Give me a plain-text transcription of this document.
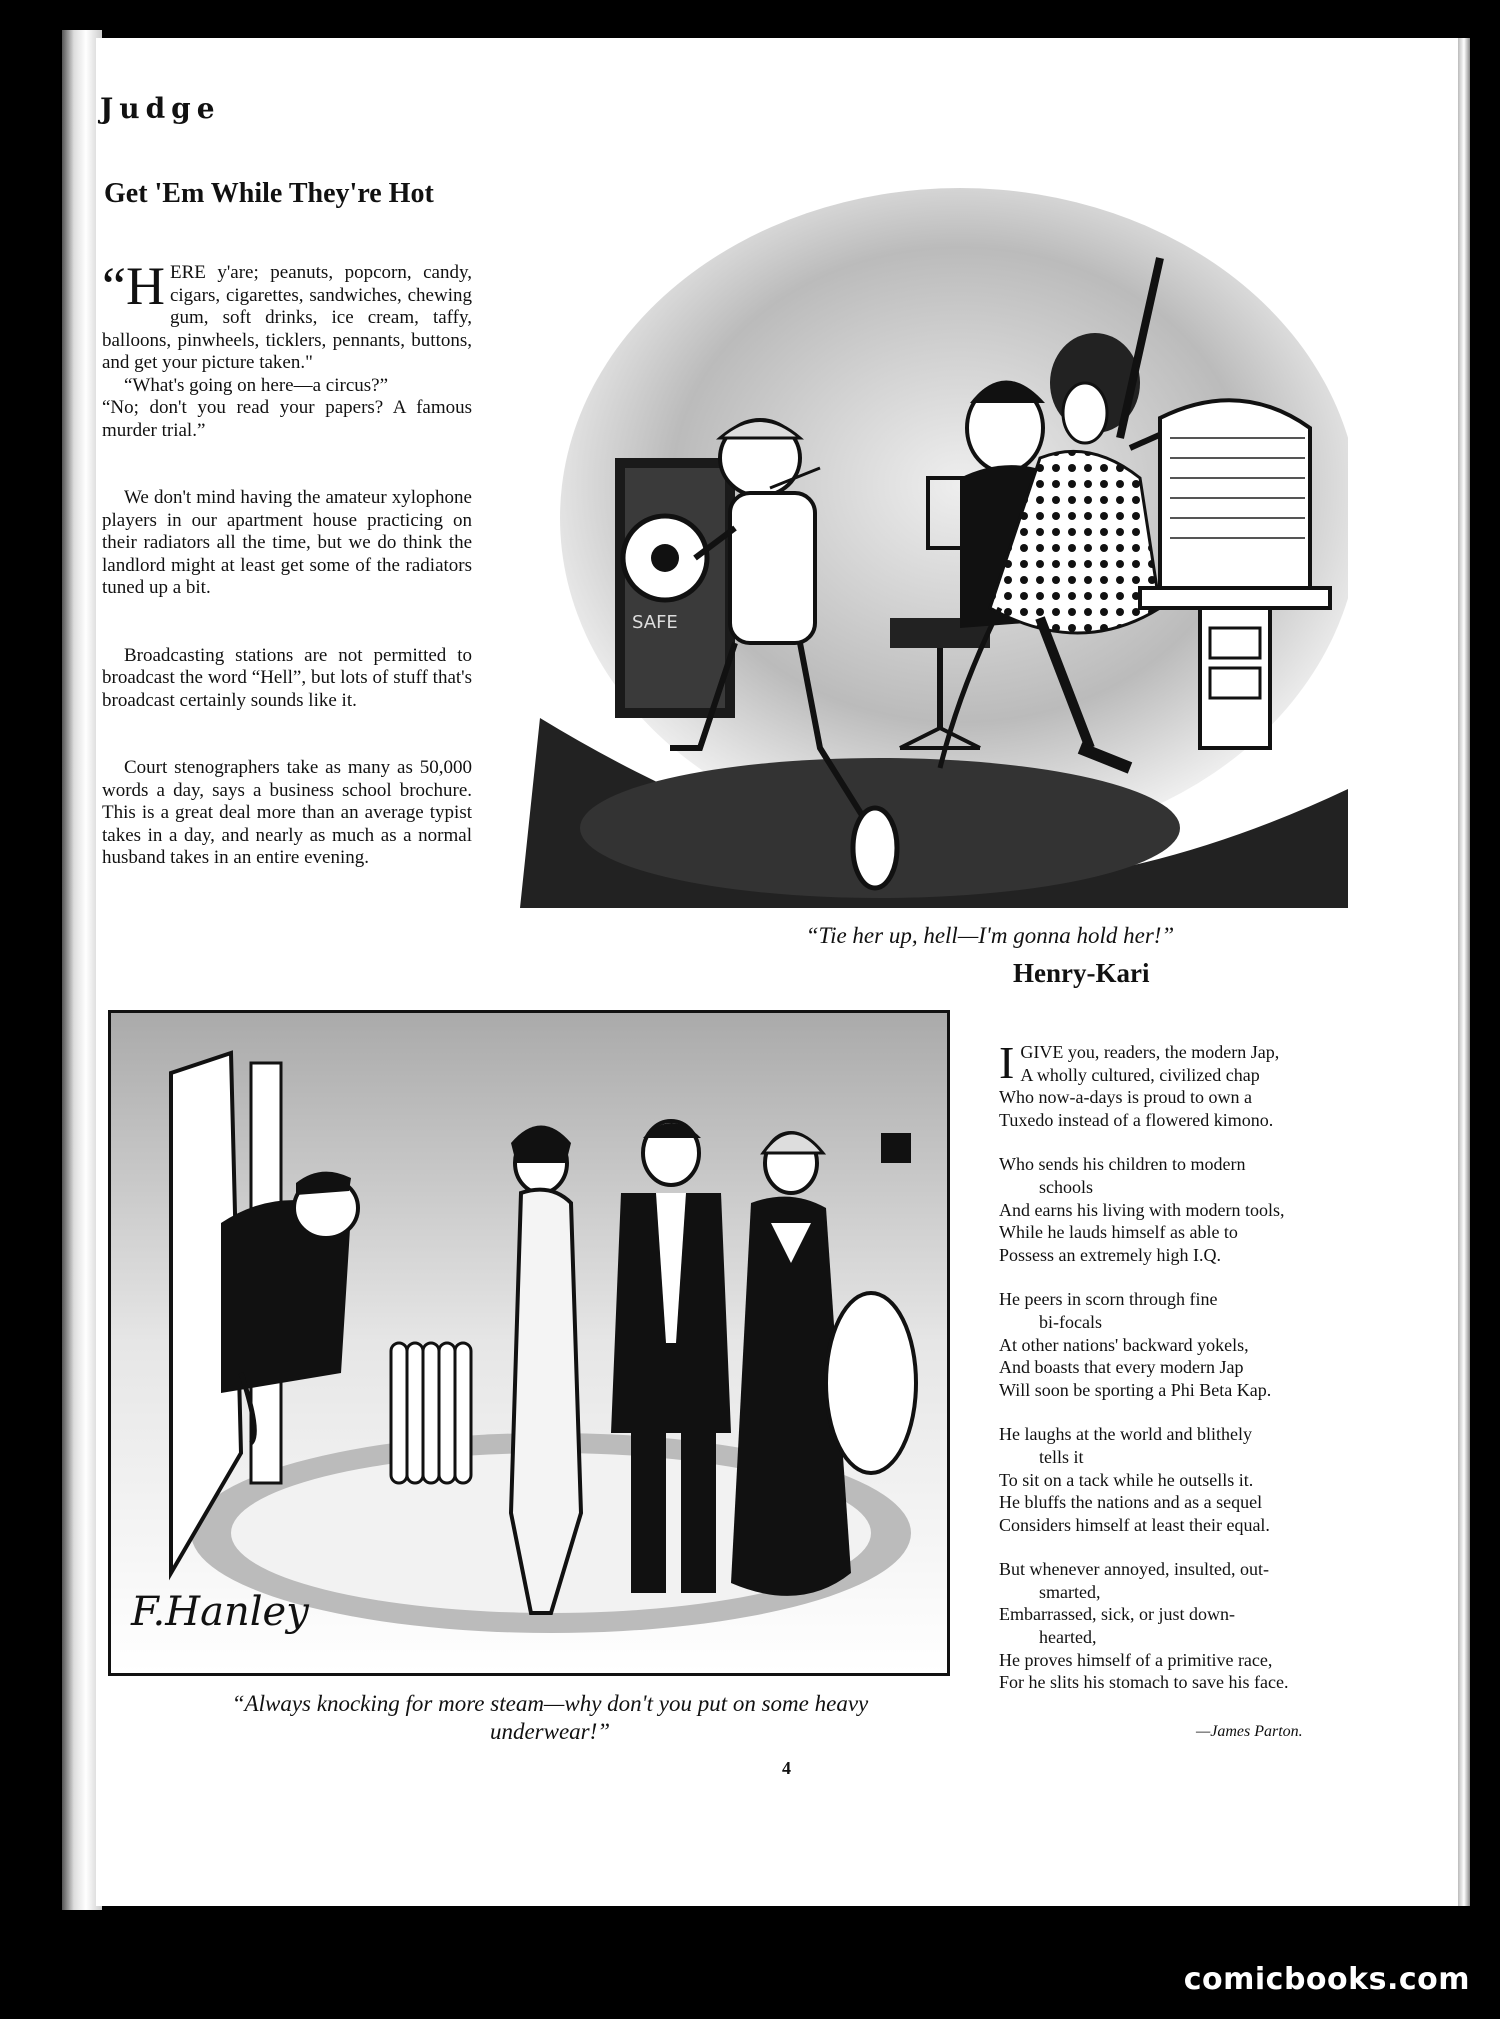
Judge
Get 'Em While They're Hot

“HERE y'are; peanuts, popcorn, candy, cigars, cigarettes, sandwiches, chewing gum, soft drinks, ice cream, taffy, balloons, pinwheels, ticklers, pennants, buttons, and get your picture taken."

“What's going on here—a circus?”

“No; don't you read your papers? A famous murder trial.”

We don't mind having the amateur xylophone players in our apartment house practicing on their radiators all the time, but we do think the landlord might at least get some of the radiators tuned up a bit.

Broadcasting stations are not permitted to broadcast the word “Hell”, but lots of stuff that's broadcast certainly sounds like it.

Court stenographers take as many as 50,000 words a day, says a business school brochure. This is a great deal more than an average typist takes in a day, and nearly as much as a normal husband takes in an entire evening.

SAFE
“Tie her up, hell—I'm gonna hold her!”
F.Hanley
“Always knocking for more steam—why don't you put on some heavy underwear!”
Henry-Kari
I GIVE you, readers, the modern Jap,
A wholly cultured, civilized chap
Who now-a-days is proud to own a
Tuxedo instead of a flowered kimono.
Who sends his children to modern
schools
And earns his living with modern tools,
While he lauds himself as able to
Possess an extremely high I.Q.
He peers in scorn through fine
bi-focals
At other nations' backward yokels,
And boasts that every modern Jap
Will soon be sporting a Phi Beta Kap.
He laughs at the world and blithely
tells it
To sit on a tack while he outsells it.
He bluffs the nations and as a sequel
Considers himself at least their equal.
But whenever annoyed, insulted, out-
smarted,
Embarrassed, sick, or just down-
hearted,
He proves himself of a primitive race,
For he slits his stomach to save his face.
—James Parton.
4
comicbooks.com
